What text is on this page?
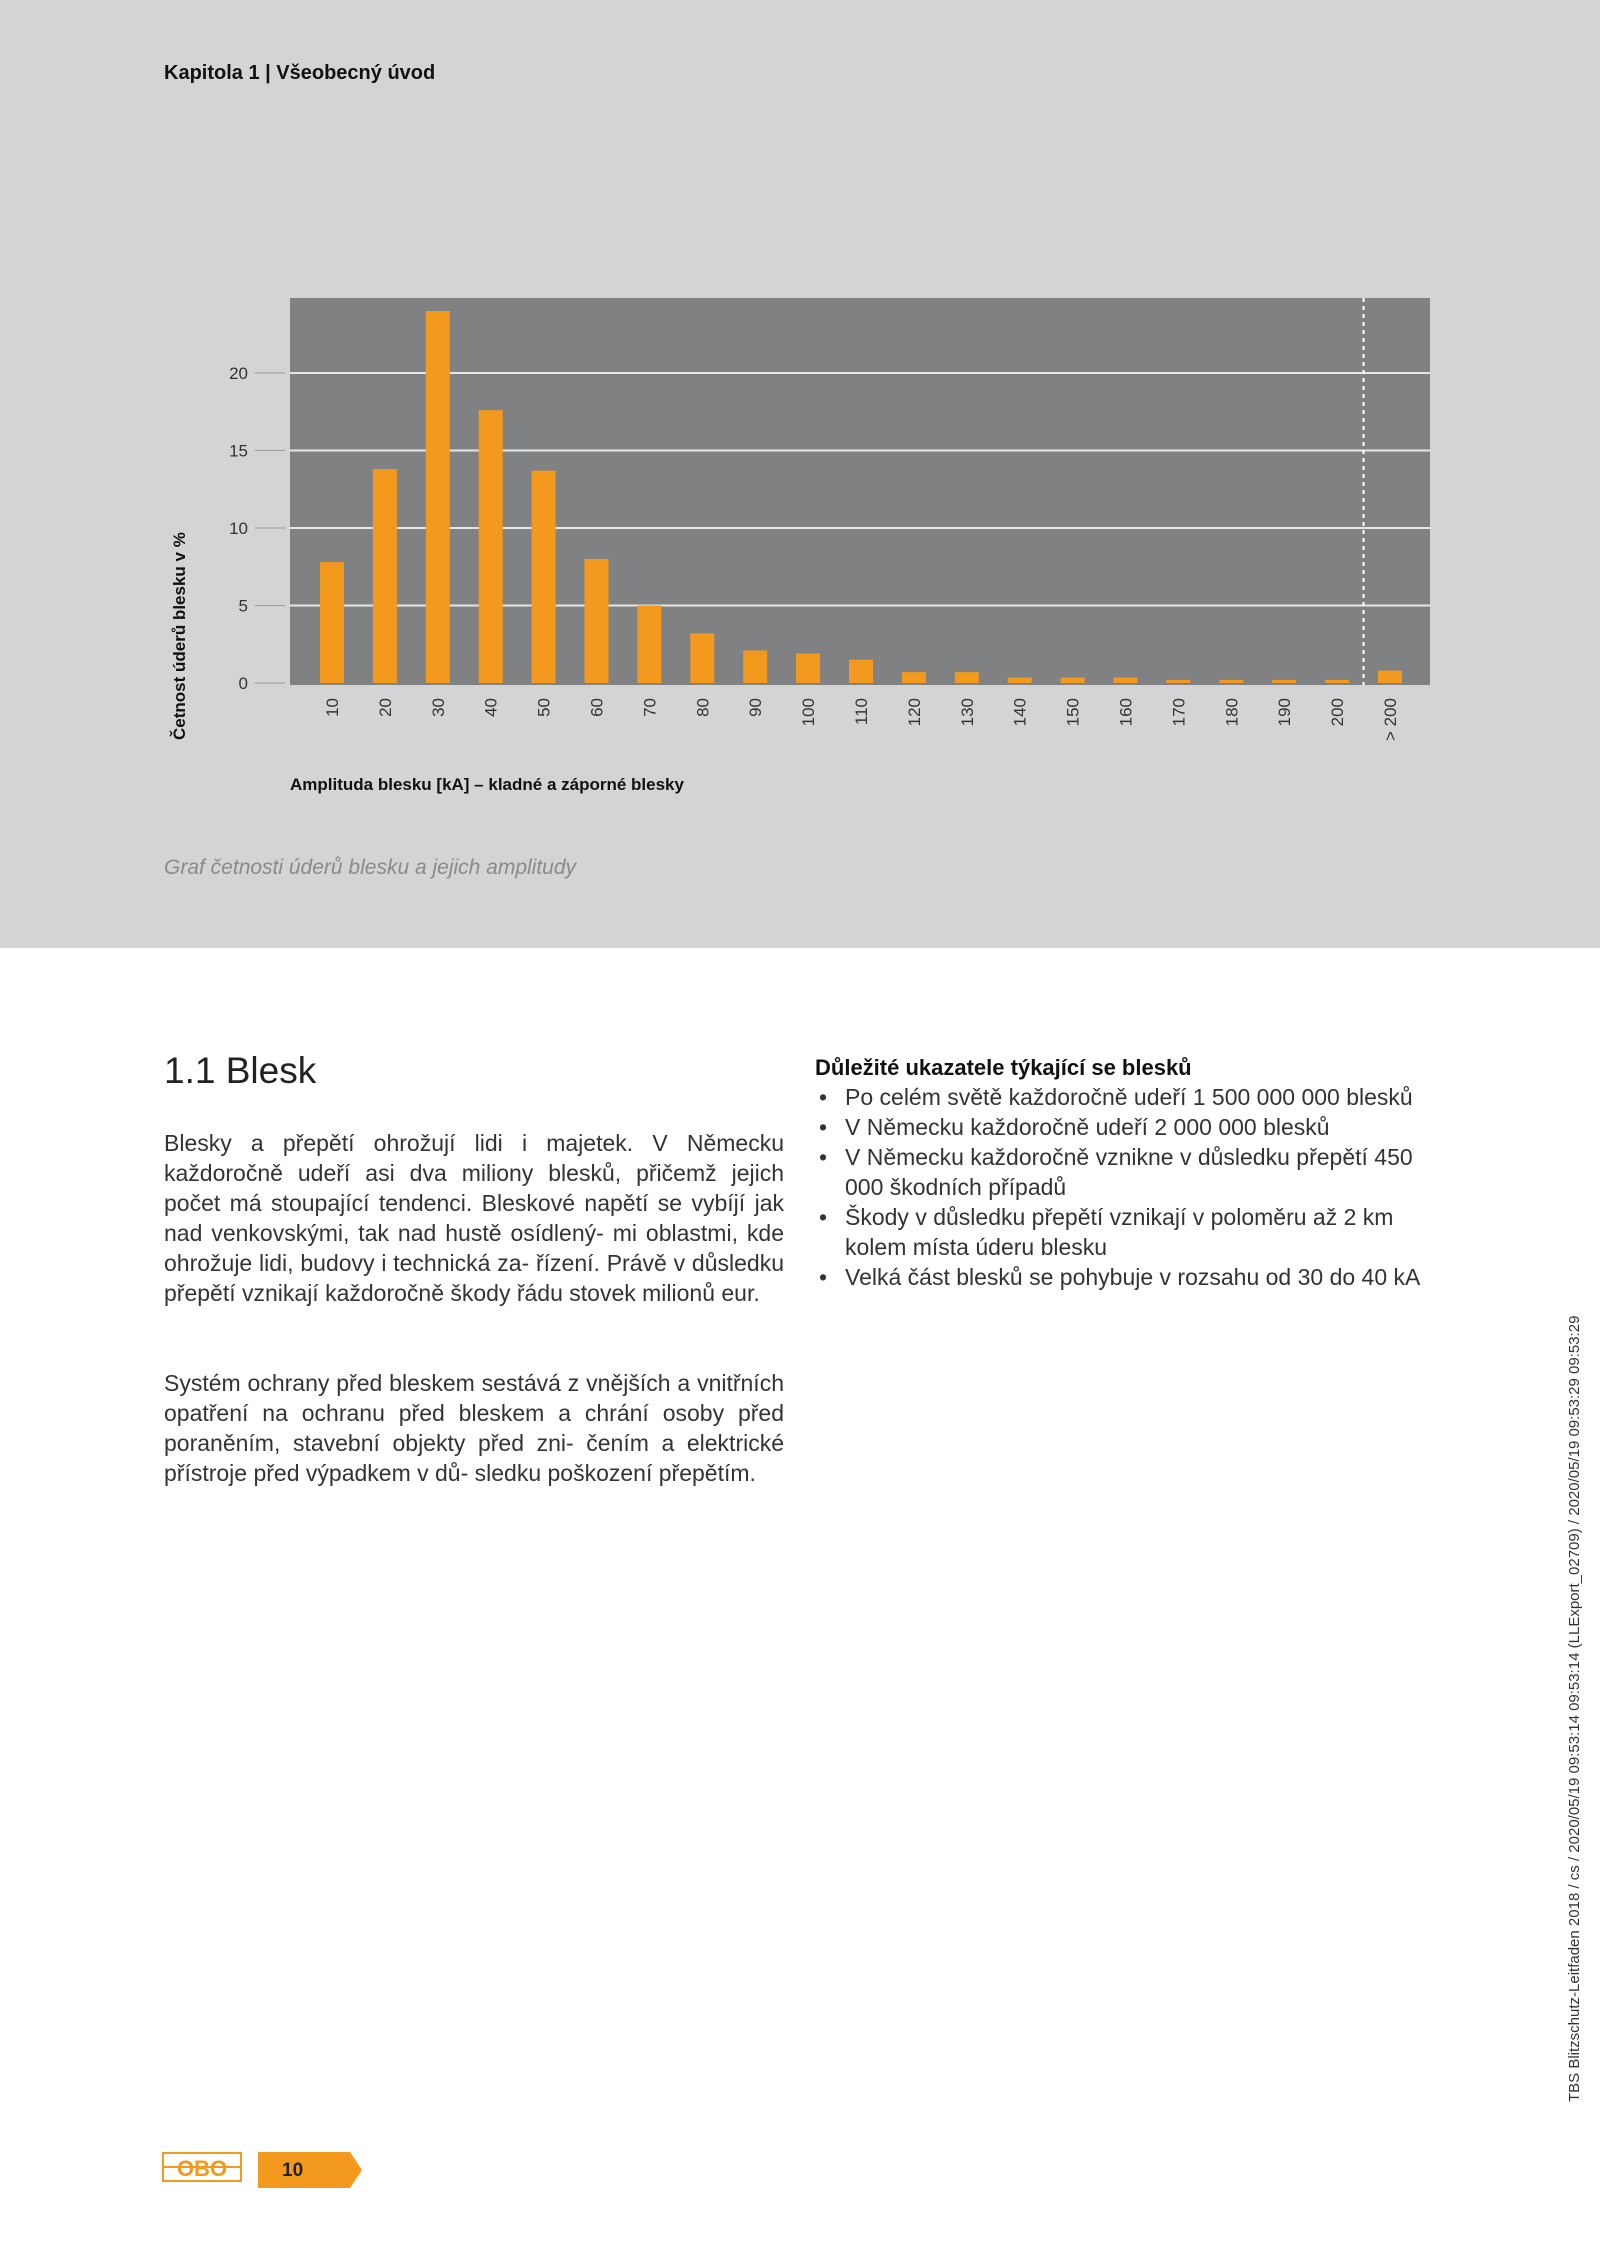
Kapitola 1 | Všeobecný úvod
0
5
10
15
20
10 20 30 40 50 60 70 80 90 100 110 120 130 140 150 160 170 180 190 200 > 200
Četnost úderů blesku v %
Amplituda blesku [kA] – kladné a záporné blesky
Graf četnosti úderů blesku a jejich amplitudy
1.1 Blesk

Blesky a přepětí ohrožují lidi i majetek. V Německu každoročně udeří asi dva miliony blesků, přičemž jejich počet má stoupající tendenci. Bleskové napětí se vybíjí jak nad venkovskými, tak nad hustě osídlený- mi oblastmi, kde ohrožuje lidi, budovy i technická za- řízení. Právě v důsledku přepětí vznikají každoročně škody řádu stovek milionů eur.

Systém ochrany před bleskem sestává z vnějších a vnitřních opatření na ochranu před bleskem a chrání osoby před poraněním, stavební objekty před zni- čením a elektrické přístroje před výpadkem v dů- sledku poškození přepětím.

Důležité ukazatele týkající se blesků
• Po celém světě každoročně udeří 1 500 000 000 blesků
• V Německu každoročně udeří 2 000 000 blesků
• V Německu každoročně vznikne v důsledku přepětí 450 000 škodních případů
• Škody v důsledku přepětí vznikají v poloměru až 2 km kolem místa úderu blesku
• Velká část blesků se pohybuje v rozsahu od 30 do 40 kA
TBS Blitzschutz-Leitfaden 2018 / cs / 2020/05/19 09:53:14 09:53:14 (LLExport_02709) / 2020/05/19 09:53:29 09:53:29
OBO	10
